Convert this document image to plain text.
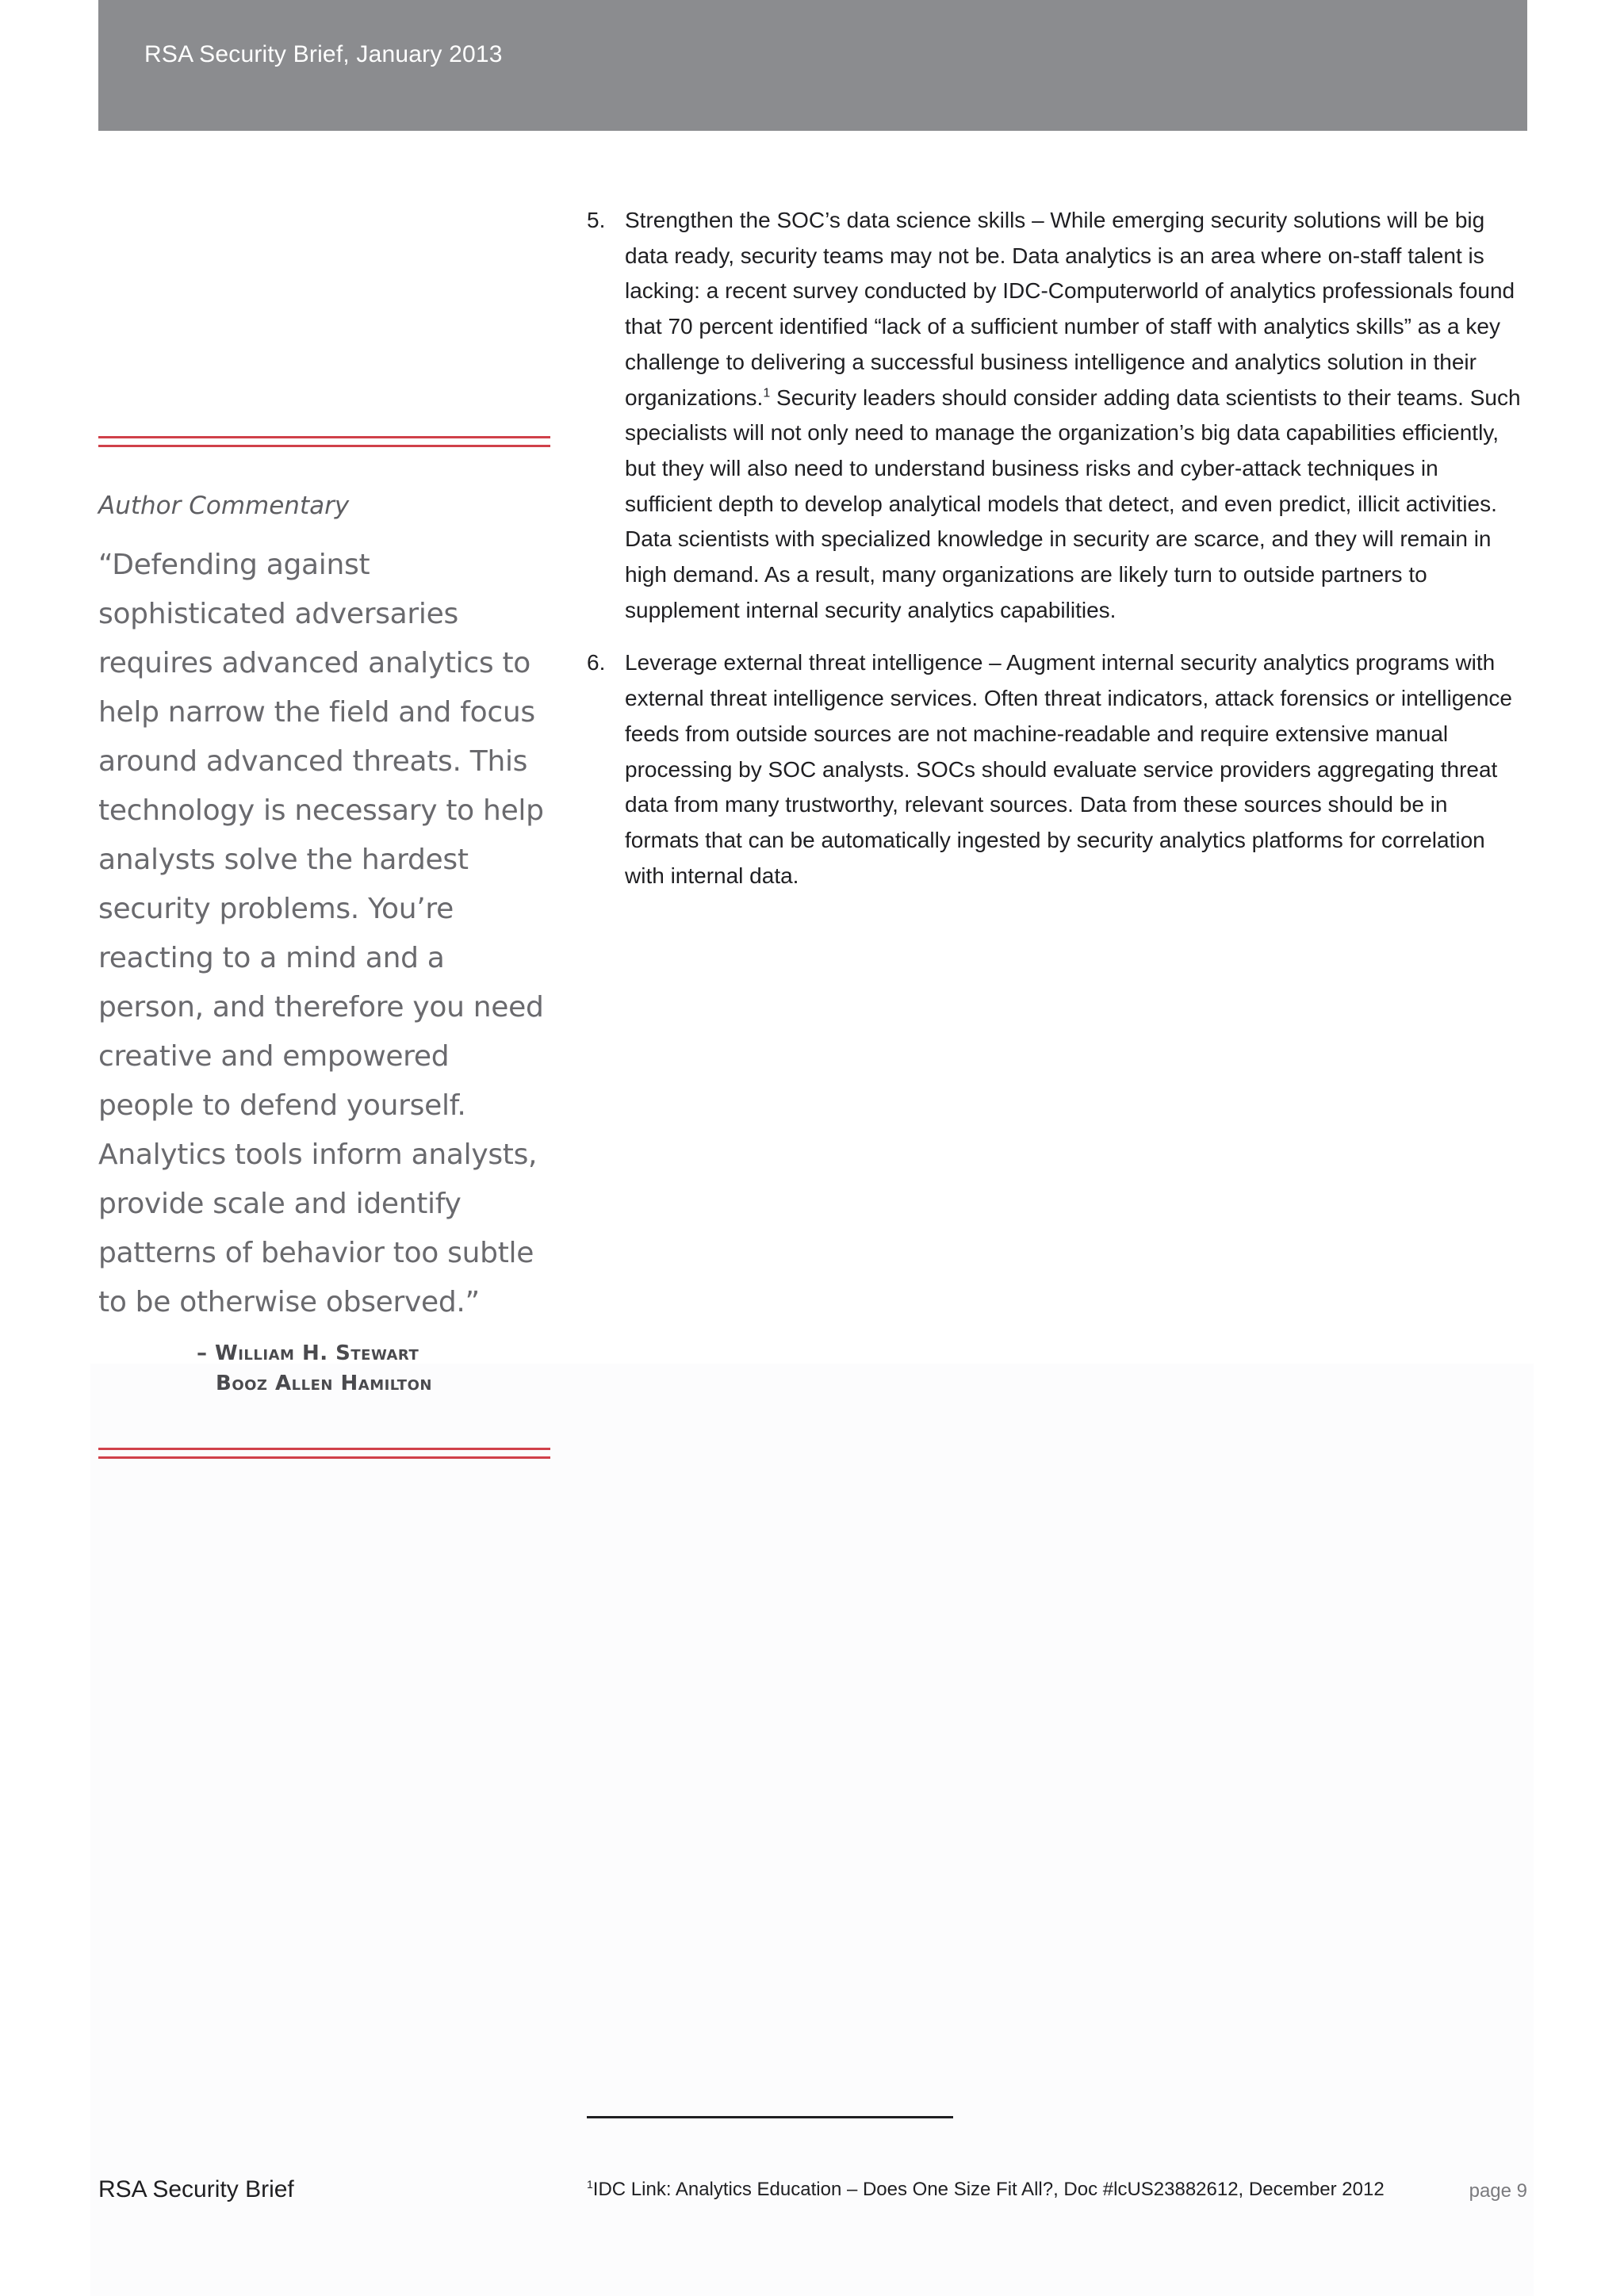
RSA Security Brief, January 2013
Author Commentary
“Defending against sophisticated adversaries requires advanced analytics to help narrow the field and focus around advanced threats. This technology is necessary to help analysts solve the hardest security problems. You’re reacting to a mind and a person, and therefore you need creative and empowered people to defend yourself. Analytics tools inform analysts, provide scale and identify patterns of behavior too subtle to be otherwise observed.”
– William H. Stewart
Booz Allen Hamilton
5. Strengthen the SOC’s data science skills – While emerging security solutions will be big data ready, security teams may not be. Data analytics is an area where on-staff talent is lacking: a recent survey conducted by IDC-Computerworld of analytics professionals found that 70 percent identified “lack of a sufficient number of staff with analytics skills” as a key challenge to delivering a successful business intelligence and analytics solution in their organizations.$^1$ Security leaders should consider adding data scientists to their teams. Such specialists will not only need to manage the organization’s big data capabilities efficiently, but they will also need to understand business risks and cyber-attack techniques in sufficient depth to develop analytical models that detect, and even predict, illicit activities. Data scientists with specialized knowledge in security are scarce, and they will remain in high demand. As a result, many organizations are likely turn to outside partners to supplement internal security analytics capabilities.
6. Leverage external threat intelligence – Augment internal security analytics programs with external threat intelligence services. Often threat indicators, attack forensics or intelligence feeds from outside sources are not machine-readable and require extensive manual processing by SOC analysts. SOCs should evaluate service providers aggregating threat data from many trustworthy, relevant sources. Data from these sources should be in formats that can be automatically ingested by security analytics platforms for correlation with internal data.
RSA Security Brief	$^1$IDC Link: Analytics Education – Does One Size Fit All?, Doc #lcUS23882612, December 2012	page 9
